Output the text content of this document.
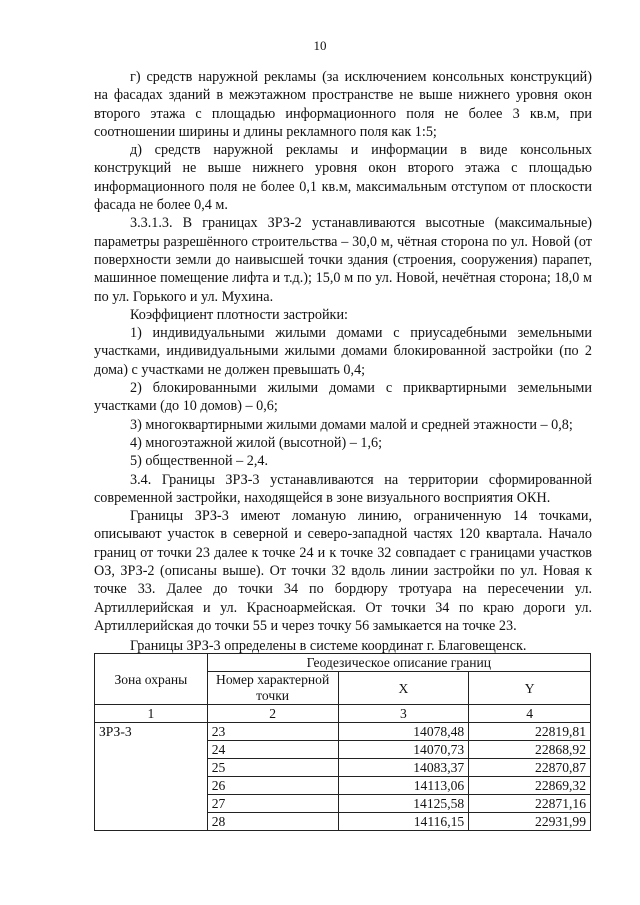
10

г) средств наружной рекламы (за исключением консольных конструкций) на фасадах зданий в межэтажном пространстве не выше нижнего уровня окон второго этажа с площадью информационного поля не более 3 кв.м, при соотношении ширины и длины рекламного поля как 1:5;

д) средств наружной рекламы и информации в виде консольных конструкций не выше нижнего уровня окон второго этажа с площадью информационного поля не более 0,1 кв.м, максимальным отступом от плоскости фасада не более 0,4 м.

3.3.1.3. В границах ЗРЗ-2 устанавливаются высотные (максимальные) параметры разрешённого строительства – 30,0 м, чётная сторона по ул. Новой (от поверхности земли до наивысшей точки здания (строения, сооружения) парапет, машинное помещение лифта и т.д.); 15,0 м по ул. Новой, нечётная сторона; 18,0 м по ул. Горького и ул. Мухина.

Коэффициент плотности застройки:

1) индивидуальными жилыми домами с приусадебными земельными участками, индивидуальными жилыми домами блокированной застройки (по 2 дома) с участками не должен превышать 0,4;

2) блокированными жилыми домами с приквартирными земельными участками (до 10 домов) – 0,6;

3) многоквартирными жилыми домами малой и средней этажности – 0,8;

4) многоэтажной жилой (высотной) – 1,6;

5) общественной – 2,4.

3.4. Границы ЗРЗ-3 устанавливаются на территории сформированной современной застройки, находящейся в зоне визуального восприятия ОКН.

Границы ЗРЗ-3 имеют ломаную линию, ограниченную 14 точками, описывают участок в северной и северо-западной частях 120 квартала. Начало границ от точки 23 далее к точке 24 и к точке 32 совпадает с границами участков ОЗ, ЗРЗ-2 (описаны выше). От точки 32 вдоль линии застройки по ул. Новая к точке 33. Далее до точки 34 по бордюру тротуара на пересечении ул. Артиллерийская и ул. Красноармейская. От точки 34 по краю дороги ул. Артиллерийская до точки 55 и через точку 56 замыкается на точке 23.

Границы ЗРЗ-3 определены в системе координат г. Благовещенск.
Зона охраны	Геодезическое описание границ		
	Номер характерной точки	X	Y
1	2	3	4
ЗРЗ-3	23	14078,48	22819,81
	24	14070,73	22868,92
	25	14083,37	22870,87
	26	14113,06	22869,32
	27	14125,58	22871,16
	28	14116,15	22931,99
